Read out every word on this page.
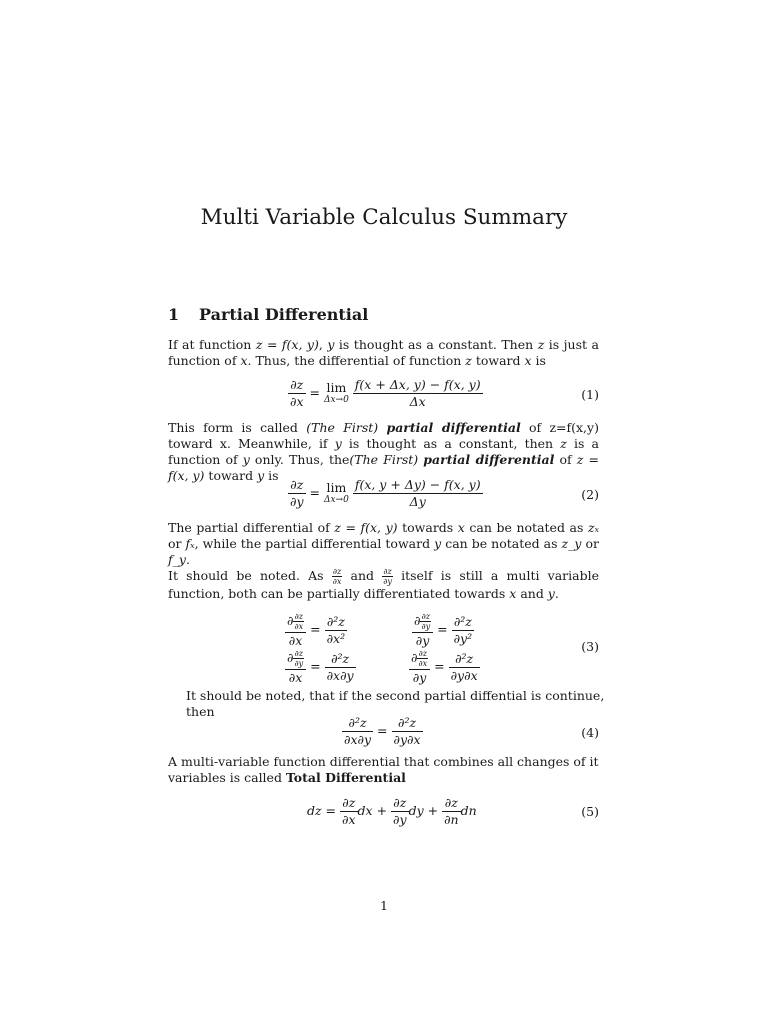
Multi Variable Calculus Summary
1 Partial Differential

If at function z = f(x, y), y is thought as a constant. Then z is just a function of x. Thus, the differential of function z toward x is

$\frac{\partial z}{\partial x} = \lim$
Δx→0
$\frac{f(x + \Delta x, y) - f(x, y)}{\Delta x}$	(1)

This form is called (The First) partial differential of z=f(x,y) toward x. Meanwhile, if y is thought as a constant, then z is a function of y only. Thus, the(The First) partial differential of z = f(x, y) toward y is

$\frac{\partial z}{\partial y} = \lim$
Δx→0
$\frac{f(x, y + \Delta y) - f(x, y)}{\Delta y}$	(2)

The partial differential of z = f(x, y) towards x can be notated as zₓ or fₓ, while the partial differential toward y can be notated as z_y or f_y.

It should be noted. As $\frac{\partial z}{\partial x}$ and $\frac{\partial z}{\partial y}$ itself is still a multi variable function, both can be partially differentiated towards x and y.

$\frac{\partial \frac{\partial z}{\partial x}}{\partial x} = \frac{\text{∂²z}}{\text{∂x²}}$	$\frac{\partial \frac{\partial z}{\partial y}}{\partial y} = \frac{\text{∂²z}}{\text{∂y²}}$
$\frac{\partial \frac{\partial z}{\partial y}}{\partial x} = \frac{\text{∂²z}}{\partial x\partial y}$	$\frac{\partial \frac{\partial z}{\partial x}}{\partial y} = \frac{\text{∂²z}}{\partial y\partial x}$
(3)

It should be noted, that if the second partial diffential is continue, then

$\frac{\text{∂²z}}{\partial x\partial y} = \frac{\text{∂²z}}{\partial y\partial x}$	(4)

A multi-variable function differential that combines all changes of it variables is called Total Differential

dz = $\frac{\partial z}{\partial x}$ dx + $\frac{\partial z}{\partial y}$ dy + $\frac{\partial z}{\partial n}$ dn	(5)
1
